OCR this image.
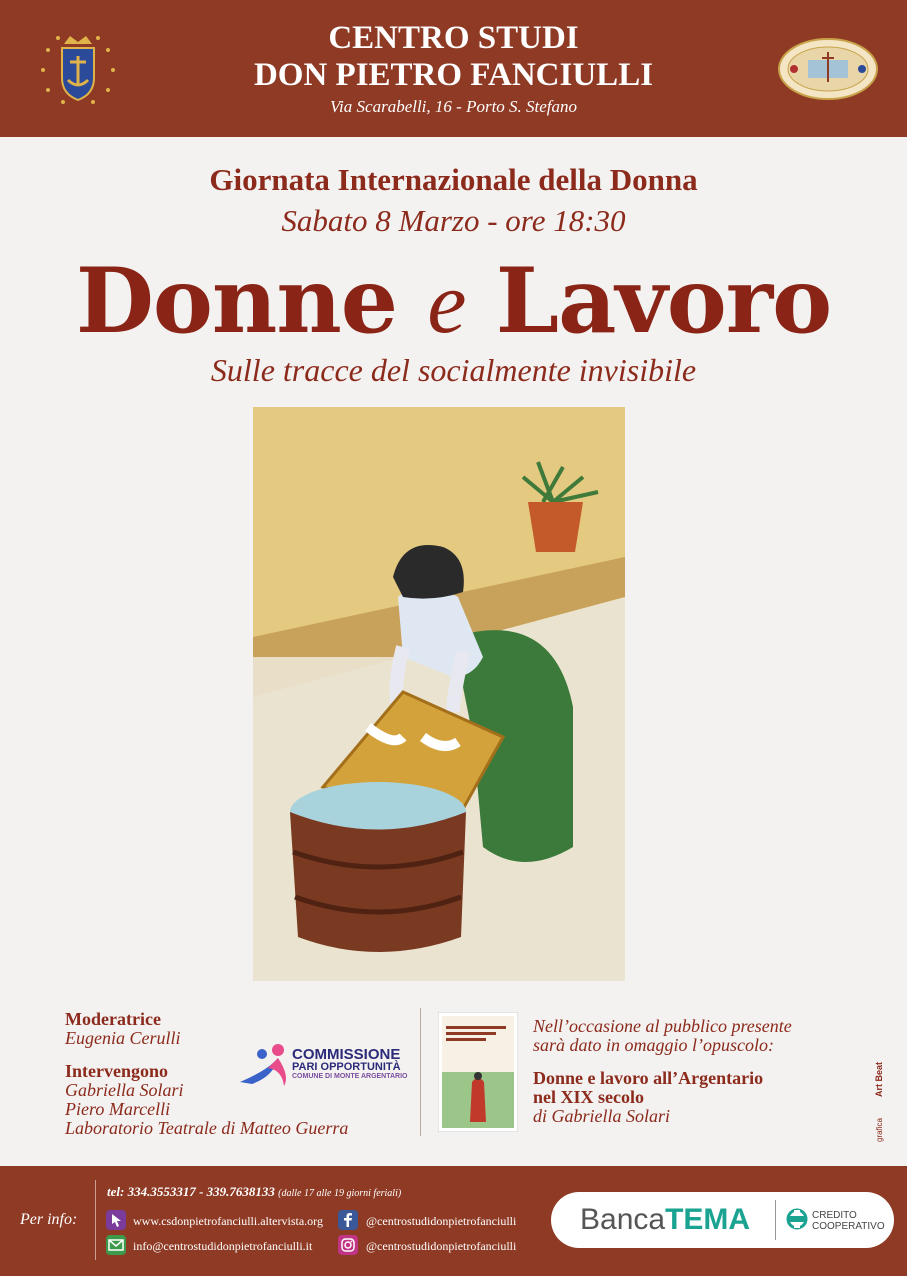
CENTRO STUDI
DON PIETRO FANCIULLI
Via Scarabelli, 16 - Porto S. Stefano
Giornata Internazionale della Donna
Sabato 8 Marzo - ore 18:30
Donne e Lavoro
Sulle tracce del socialmente invisibile
Moderatrice
Eugenia Cerulli
Intervengono
Gabriella Solari
Piero Marcelli
Laboratorio Teatrale di Matteo Guerra
COMMISSIONE
PARI OPPORTUNITÀ
COMUNE DI MONTE ARGENTARIO
Nell’occasione al pubblico presente
sarà dato in omaggio l’opuscolo:
Donne e lavoro all’Argentario
nel XIX secolo
di Gabriella Solari
grafica
Art Beat
Per info:
tel: 334.3553317 - 339.7638133 (dalle 17 alle 19 giorni feriali)
www.csdonpietrofanciulli.altervista.org
info@centrostudidonpietrofanciulli.it
@centrostudidonpietrofanciulli
@centrostudidonpietrofanciulli
BancaTEMA	CREDITO
COOPERATIVO
